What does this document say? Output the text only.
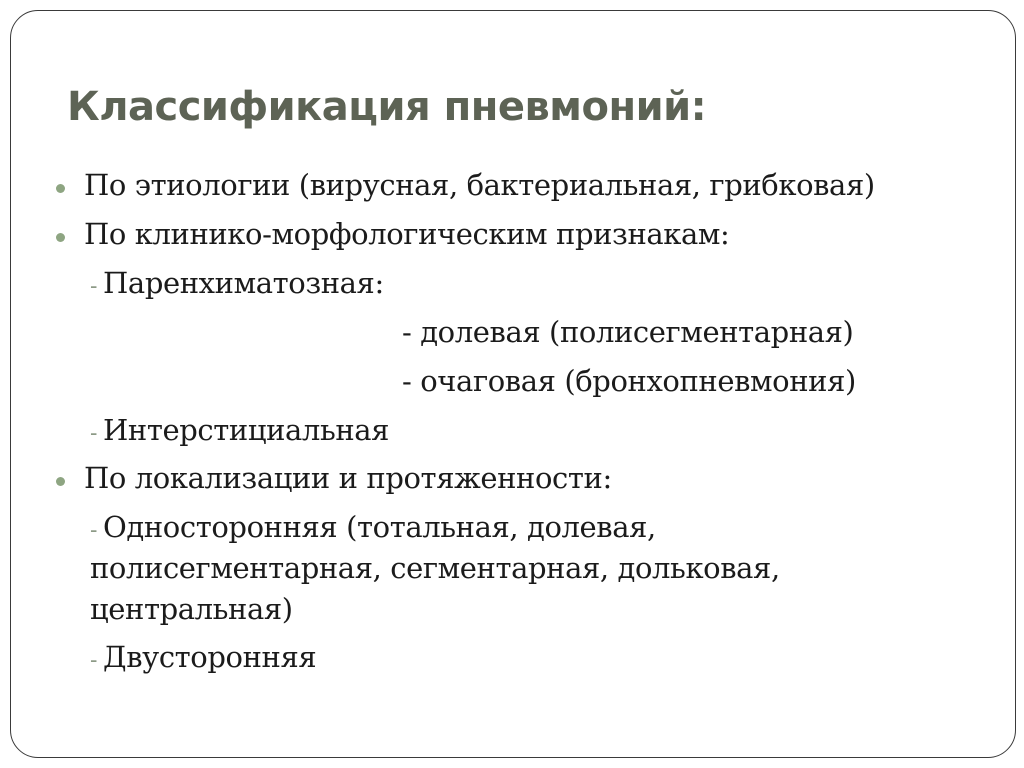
Классификация пневмоний:
По этиологии (вирусная, бактериальная, грибковая)
По клинико-морфологическим признакам:
- Паренхиматозная:
- долевая (полисегментарная)
- очаговая (бронхопневмония)
- Интерстициальная
По локализации и протяженности:
- Односторонняя (тотальная, долевая,
полисегментарная, сегментарная, дольковая,
центральная)
- Двусторонняя
